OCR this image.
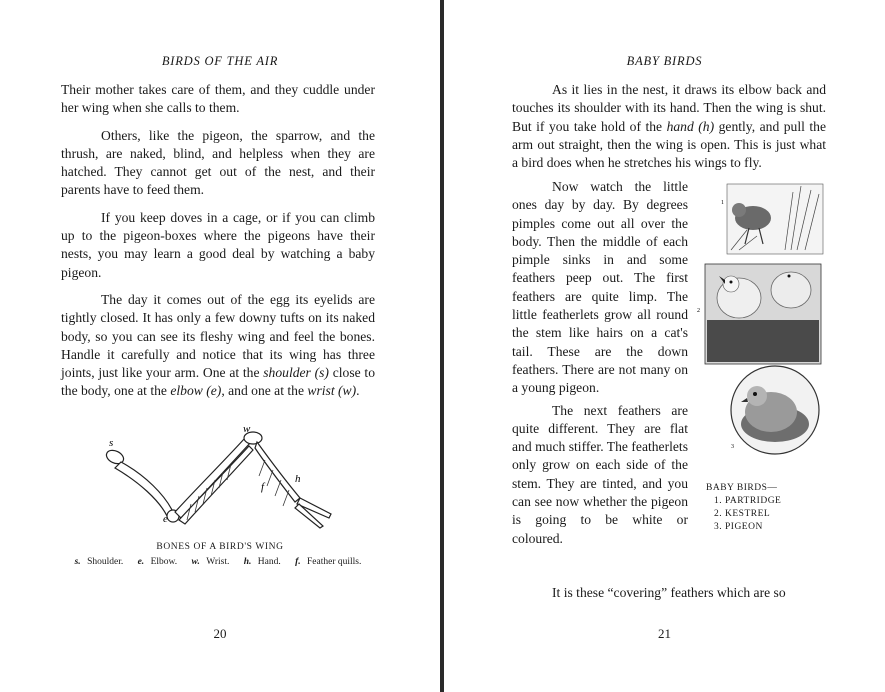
BIRDS OF THE AIR

Their mother takes care of them, and they cuddle under her wing when she calls to them.

Others, like the pigeon, the sparrow, and the thrush, are naked, blind, and helpless when they are hatched. They cannot get out of the nest, and their parents have to feed them.

If you keep doves in a cage, or if you can climb up to the pigeon-boxes where the pigeons have their nests, you may learn a good deal by watching a baby pigeon.

The day it comes out of the egg its eyelids are tightly closed. It has only a few downy tufts on its naked body, so you can see its fleshy wing and feel the bones. Handle it carefully and notice that its wing has three joints, just like your arm. One at the shoulder (s) close to the body, one at the elbow (e), and one at the wrist (w).

s
w
h
f
e
BONES OF A BIRD'S WING
s. Shoulder. e. Elbow. w. Wrist. h. Hand. f. Feather quills.
20
BABY BIRDS

As it lies in the nest, it draws its elbow back and touches its shoulder with its hand. Then the wing is shut. But if you take hold of the hand (h) gently, and pull the arm out straight, then the wing is open. This is just what a bird does when he stretches his wings to fly.

Now watch the little ones day by day. By degrees pimples come out all over the body. Then the middle of each pimple sinks in and some feathers peep out. The first feathers are quite limp. The little featherlets grow all round the stem like hairs on a cat's tail. These are the down feathers. There are not many on a young pigeon.

The next feathers are quite different. They are flat and much stiffer. The featherlets only grow on each side of the stem. They are tinted, and you can see now whether the pigeon is going to be white or coloured.

It is these “covering” feathers which are so

1
2
3
BABY BIRDS—
1. PARTRIDGE
2. KESTREL
3. PIGEON
21
